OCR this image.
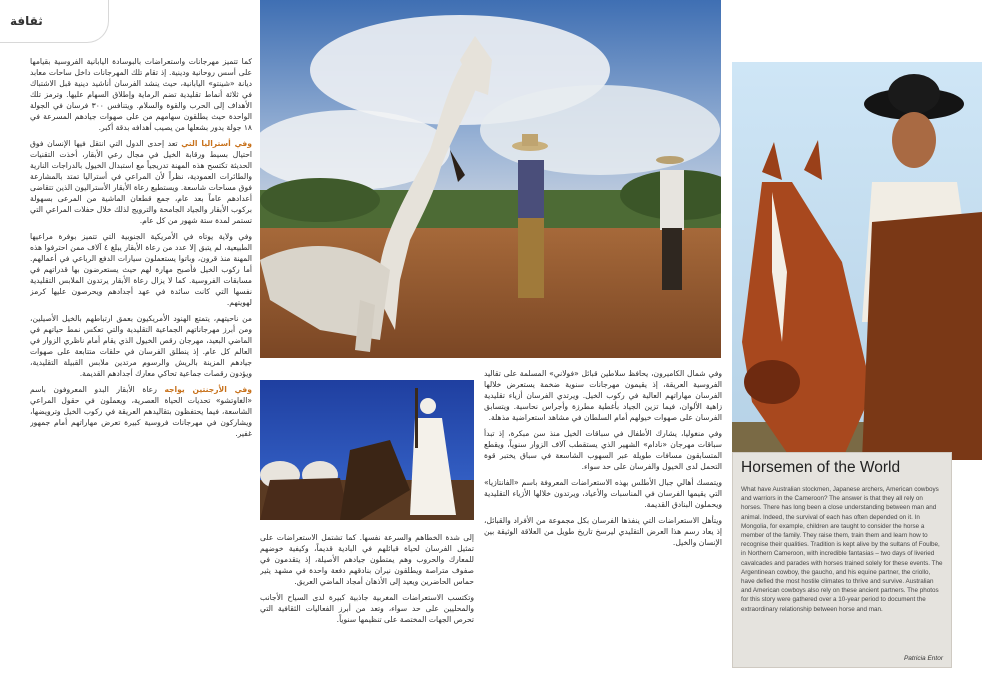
ثقافة

كما تتميز مهرجانات واستعراضات بالبوسادة اليابانية الفروسية بقيامها على أسس روحانية ودينية. إذ تقام تلك المهرجانات داخل ساحات معابد ديانة «شينتو» اليابانية، حيث ينشد الفرسان أناشيد دينية قبل الاشتباك في ثلاثة أنماط تقليدية تضم الرماية وإطلاق السهام عليها. وترمز تلك الأهداف إلى الحرب والقوة والسلام. ويتنافس ٣٠٠ فرسان في الجولة الواحدة حيث يطلقون سهامهم من على صهوات جيادهم المسرعة في ١٨ جولة يدور بشعلها من يصيب أهدافه بدقة أكبر.

وفي أستراليا التي تعد إحدى الدول التي انتقل فيها الإنسان فوق احتيال بسيط ورقابة الخيل في مجال رعي الأبقار، أخذت التقنيات الحديثة تكتسح هذه المهنة تدريجياً مع استبدال الخيول بالدراجات النارية والطائرات العمودية، نظراً لأن المراعي في أستراليا تمتد بالمشارعة فوق مساحات شاسعة. ويستطيع رعاة الأبقار الأستراليون الذين تتقاضى أعدادهم عاماً بعد عام، جمع قطعان الماشية من المرعى بسهولة بركوب الأبقار والجياد الجامحة والترويج لذلك خلال حفلات المراعي التي تستمر لمدة ستة شهور من كل عام.

وفي ولاية يوتاه في الأمريكية الجنوبية التي تتميز بوفرة مراعيها الطبيعية، لم يتبق إلا عدد من رعاة الأبقار يبلغ ٤ آلاف ممن احترفوا هذه المهنة منذ قرون، وباتوا يستعملون سيارات الدفع الرباعي في أعمالهم. أما ركوب الخيل فأصبح مهارة لهم حيث يستعرضون بها قدراتهم في مسابقات الفروسية. كما لا يزال رعاة الأبقار يرتدون الملابس التقليدية نفسها التي كانت سائدة في عهد أجدادهم ويحرصون عليها كرمز لهويتهم.

من ناحيتهم، يتمتع الهنود الأمريكيون بعمق ارتباطهم بالخيل الأصيلين، ومن أبرز مهرجاناتهم الجماعية التقليدية والتي تعكس نمط حياتهم في الماضي البعيد، مهرجان رقص الخيول الذي يقام أمام ناظري الزوار في العالم كل عام. إذ ينطلق الفرسان في حلقات متتابعة على صهوات جيادهم المزينة بالريش والرسوم مرتدين ملابس القبيلة التقليدية، ويؤدون رقصات جماعية تحاكي معارك أجدادهم القديمة.

وفي الأرجنتين يواجه رعاة الأبقار البدو المعروفون باسم «الغاوتشو» تحديات الحياة العصرية، ويعملون في حقول المراعي الشاسعة، فيما يحتفظون بتقاليدهم العريقة في ركوب الخيل وترويضها، ويشاركون في مهرجانات فروسية كبيرة تعرض مهاراتهم أمام جمهور غفير.

إلى شدة الخطاهم والسرعة نفسها. كما تشتمل الاستعراضات على تمثيل الفرسان لحياة قبائلهم في البادية قديماً، وكيفية خوضهم للمعارك والحروب وهم يمتطون جيادهم الأصيلة، إذ يتقدمون في صفوف متراصة ويطلقون نيران بنادقهم دفعة واحدة في مشهد يثير حماس الحاضرين ويعيد إلى الأذهان أمجاد الماضي العريق.

وتكتسب الاستعراضات المغربية جاذبية كبيرة لدى السياح الأجانب والمحليين على حد سواء، وتعد من أبرز الفعاليات الثقافية التي تحرص الجهات المختصة على تنظيمها سنوياً.

وفي شمال الكاميرون، يحافظ سلاطين قبائل «فولاني» المسلمة على تقاليد الفروسية العريقة، إذ يقيمون مهرجانات سنوية ضخمة يستعرض خلالها الفرسان مهاراتهم العالية في ركوب الخيل. ويرتدي الفرسان أزياء تقليدية زاهية الألوان، فيما تزين الجياد بأغطية مطرزة وأجراس نحاسية. ويتسابق الفرسان على صهوات خيولهم أمام السلطان في مشاهد استعراضية مذهلة.

وفي منغوليا، يشارك الأطفال في سباقات الخيل منذ سن مبكرة، إذ تبدأ سباقات مهرجان «نادام» الشهير الذي يستقطب آلاف الزوار سنوياً، ويقطع المتسابقون مسافات طويلة عبر السهوب الشاسعة في سباق يختبر قوة التحمل لدى الخيول والفرسان على حد سواء.

ويتمسك أهالي جبال الأطلس بهذه الاستعراضات المعروفة باسم «الفانتازيا» التي يقيمها الفرسان في المناسبات والأعياد، ويرتدون خلالها الأزياء التقليدية ويحملون البنادق القديمة.

ويتأهل الاستعراضات التي ينفذها الفرسان بكل مجموعة من الأفراد والقبائل، إذ يعاد رسم هذا العرض التقليدي ليرسخ تاريخ طويل من العلاقة الوثيقة بين الإنسان والخيل.

Horsemen of the World
What have Australian stockmen, Japanese archers, American cowboys and warriors in the Cameroon? The answer is that they all rely on horses. There has long been a close understanding between man and animal. Indeed, the survival of each has often depended on it. In Mongolia, for example, children are taught to consider the horse a member of the family. They raise them, train them and learn how to recognise their qualities. Tradition is kept alive by the sultans of Foulbe, in Northern Cameroon, with incredible fantasias – two days of liveried cavalcades and parades with horses trained solely for these events. The Argentinean cowboy, the gaucho, and his equine partner, the criollo, have defied the most hostile climates to thrive and survive. Australian and American cowboys also rely on these ancient partners. The photos for this story were gathered over a 10-year period to document the extraordinary relationship between horse and man.
Patricia Entor
